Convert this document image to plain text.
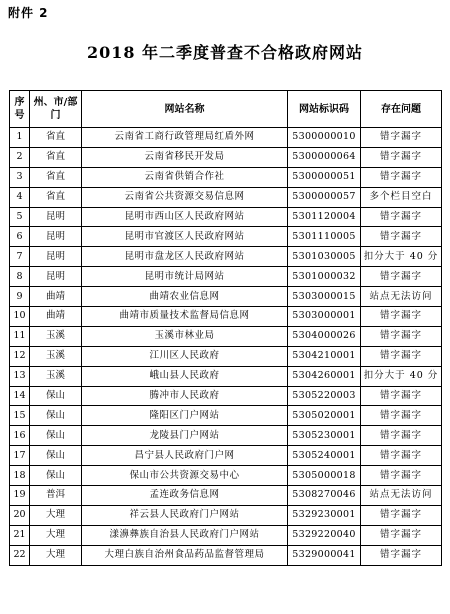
附件 2
2018 年二季度普查不合格政府网站
序号	州、市/部门	网站名称	网站标识码	存在问题
1	省直	云南省工商行政管理局红盾外网	5300000010	错字漏字
2	省直	云南省移民开发局	5300000064	错字漏字
3	省直	云南省供销合作社	5300000051	错字漏字
4	省直	云南省公共资源交易信息网	5300000057	多个栏目空白
5	昆明	昆明市西山区人民政府网站	5301120004	错字漏字
6	昆明	昆明市官渡区人民政府网站	5301110005	错字漏字
7	昆明	昆明市盘龙区人民政府网站	5301030005	扣分大于 40 分
8	昆明	昆明市统计局网站	5301000032	错字漏字
9	曲靖	曲靖农业信息网	5303000015	站点无法访问
10	曲靖	曲靖市质量技术监督局信息网	5303000001	错字漏字
11	玉溪	玉溪市林业局	5304000026	错字漏字
12	玉溪	江川区人民政府	5304210001	错字漏字
13	玉溪	峨山县人民政府	5304260001	扣分大于 40 分
14	保山	腾冲市人民政府	5305220003	错字漏字
15	保山	隆阳区门户网站	5305020001	错字漏字
16	保山	龙陵县门户网站	5305230001	错字漏字
17	保山	昌宁县人民政府门户网	5305240001	错字漏字
18	保山	保山市公共资源交易中心	5305000018	错字漏字
19	普洱	孟连政务信息网	5308270046	站点无法访问
20	大理	祥云县人民政府门户网站	5329230001	错字漏字
21	大理	漾濞彝族自治县人民政府门户网站	5329220040	错字漏字
22	大理	大理白族自治州食品药品监督管理局	5329000041	错字漏字
